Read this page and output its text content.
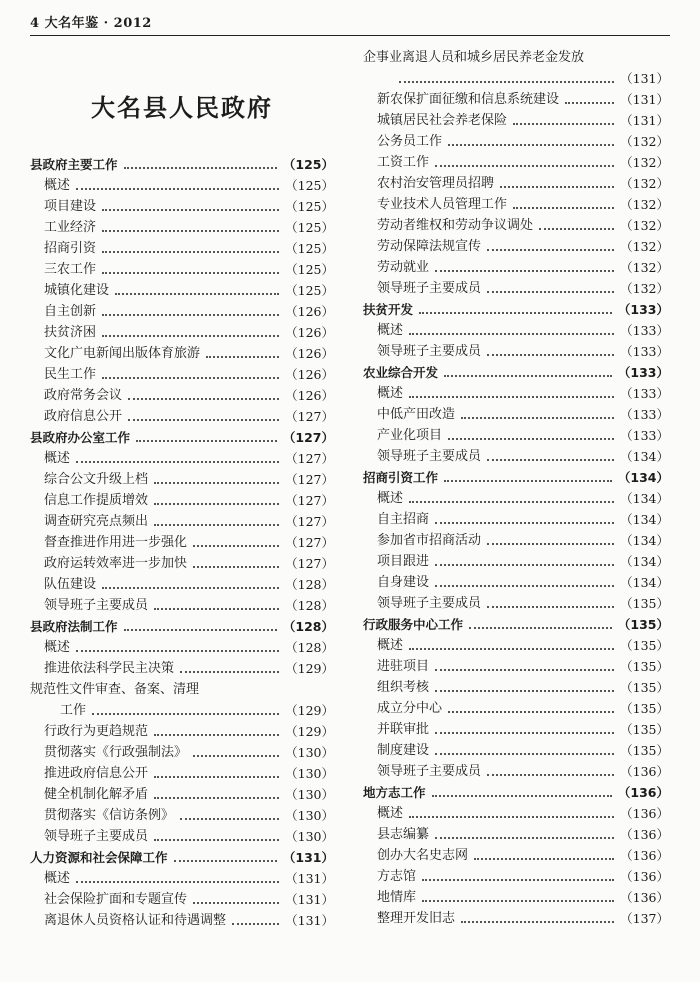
4 大名年鉴 · 2012
大名县人民政府
县政府主要工作	（125）
概述	（125）
项目建设	（125）
工业经济	（125）
招商引资	（125）
三农工作	（125）
城镇化建设	（125）
自主创新	（126）
扶贫济困	（126）
文化广电新闻出版体育旅游	（126）
民生工作	（126）
政府常务会议	（126）
政府信息公开	（127）
县政府办公室工作	（127）
概述	（127）
综合公文升级上档	（127）
信息工作提质增效	（127）
调查研究亮点频出	（127）
督查推进作用进一步强化	（127）
政府运转效率进一步加快	（127）
队伍建设	（128）
领导班子主要成员	（128）
县政府法制工作	（128）
概述	（128）
推进依法科学民主决策	（129）
规范性文件审查、备案、清理
工作	（129）
行政行为更趋规范	（129）
贯彻落实《行政强制法》	（130）
推进政府信息公开	（130）
健全机制化解矛盾	（130）
贯彻落实《信访条例》	（130）
领导班子主要成员	（130）
人力资源和社会保障工作	（131）
概述	（131）
社会保险扩面和专题宣传	（131）
离退休人员资格认证和待遇调整	（131）
企事业离退人员和城乡居民养老金发放
（131）
新农保扩面征缴和信息系统建设	（131）
城镇居民社会养老保险	（131）
公务员工作	（132）
工资工作	（132）
农村治安管理员招聘	（132）
专业技术人员管理工作	（132）
劳动者维权和劳动争议调处	（132）
劳动保障法规宣传	（132）
劳动就业	（132）
领导班子主要成员	（132）
扶贫开发	（133）
概述	（133）
领导班子主要成员	（133）
农业综合开发	（133）
概述	（133）
中低产田改造	（133）
产业化项目	（133）
领导班子主要成员	（134）
招商引资工作	（134）
概述	（134）
自主招商	（134）
参加省市招商活动	（134）
项目跟进	（134）
自身建设	（134）
领导班子主要成员	（135）
行政服务中心工作	（135）
概述	（135）
进驻项目	（135）
组织考核	（135）
成立分中心	（135）
并联审批	（135）
制度建设	（135）
领导班子主要成员	（136）
地方志工作	（136）
概述	（136）
县志编纂	（136）
创办大名史志网	（136）
方志馆	（136）
地情库	（136）
整理开发旧志	（137）
